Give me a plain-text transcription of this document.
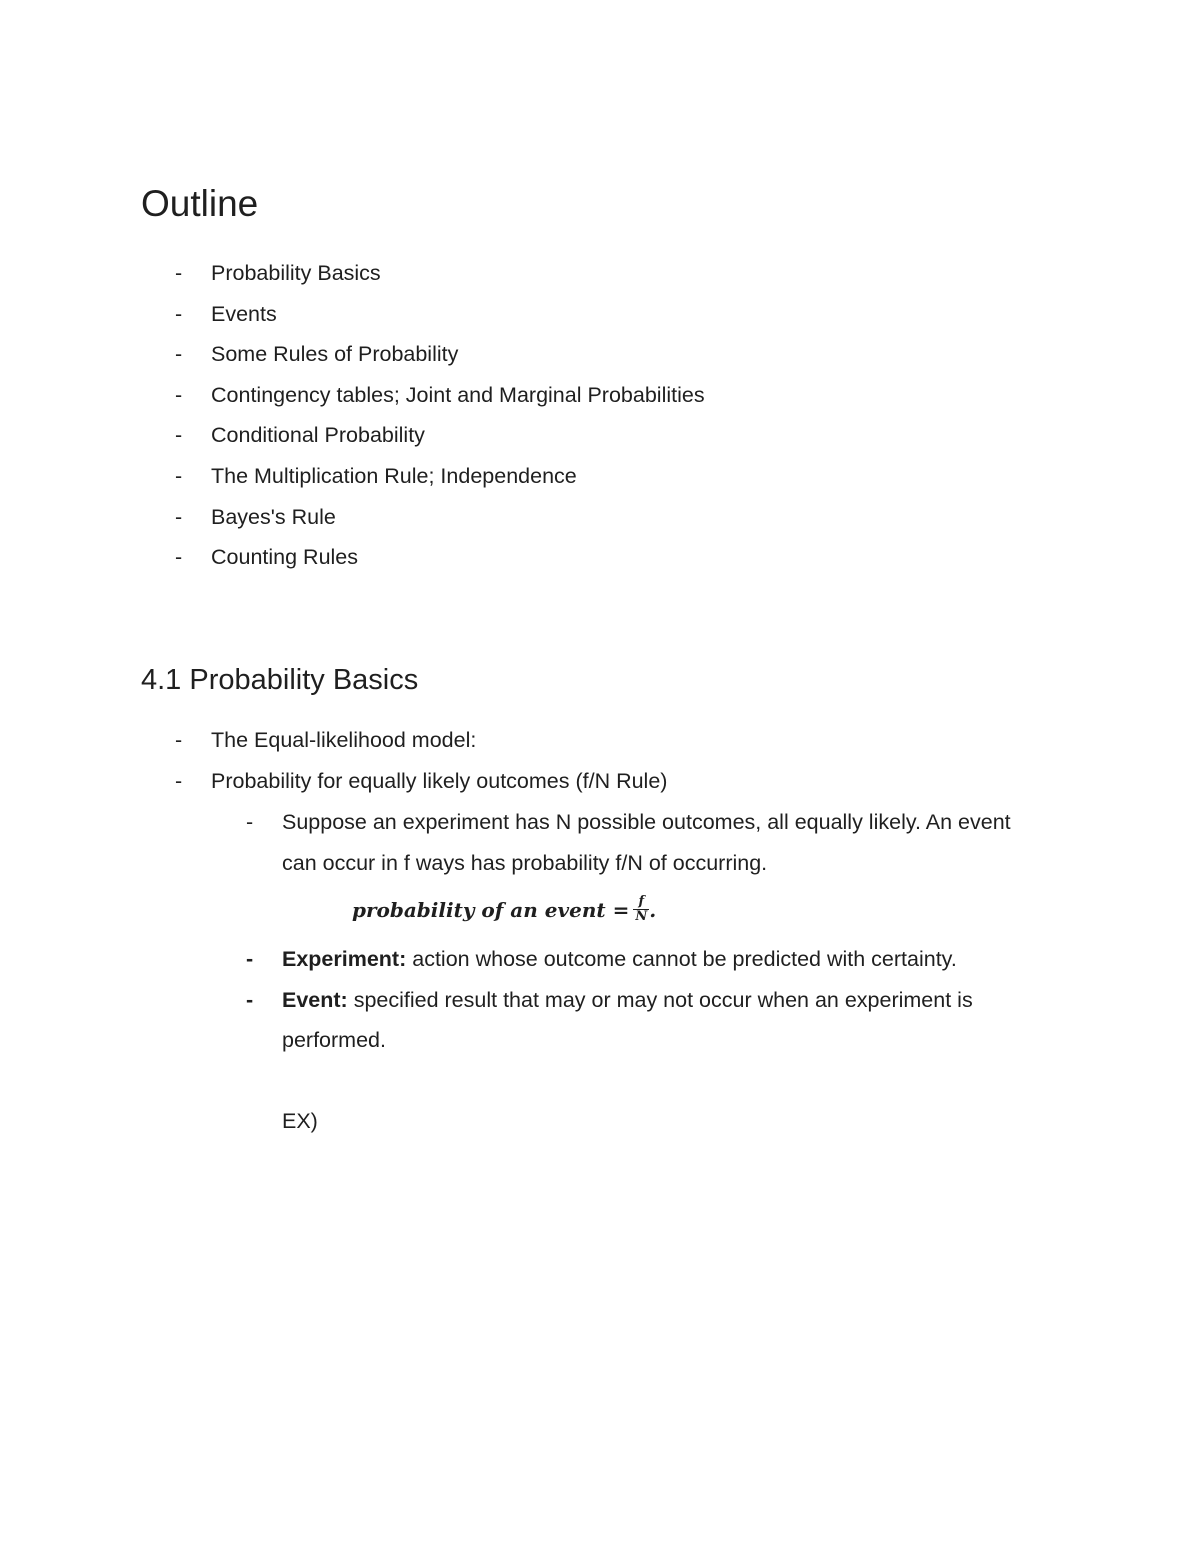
Outline
- Probability Basics
- Events
- Some Rules of Probability
- Contingency tables; Joint and Marginal Probabilities
- Conditional Probability
- The Multiplication Rule; Independence
- Bayes's Rule
- Counting Rules
4.1 Probability Basics
- The Equal-likelihood model:
- Probability for equally likely outcomes (f/N Rule)
- Suppose an experiment has N possible outcomes, all equally likely. An event can occur in f ways has probability f/N of occurring.
probability of an event = $\frac{f}{N}$ .
- Experiment: action whose outcome cannot be predicted with certainty.
- Event: specified result that may or may not occur when an experiment is performed.
EX)
